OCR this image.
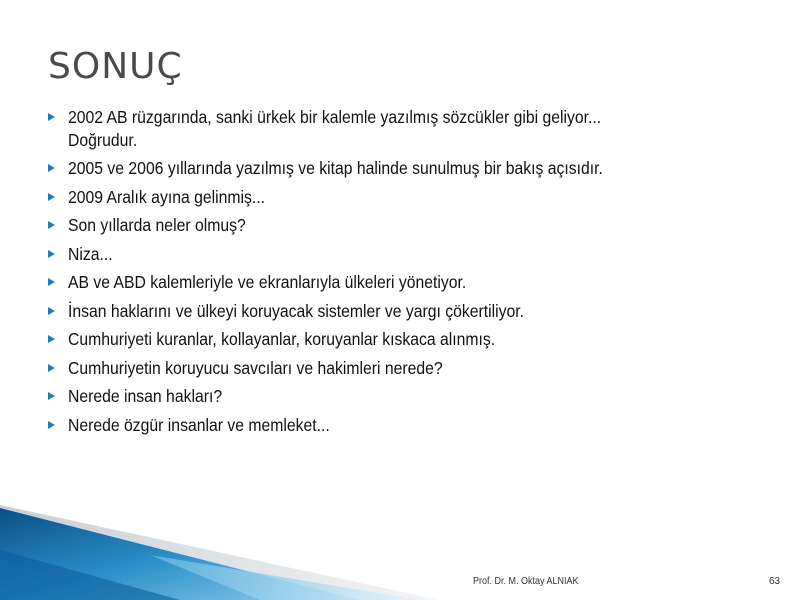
SONUÇ
2002 AB rüzgarında, sanki ürkek bir kalemle yazılmış sözcükler gibi geliyor...
Doğrudur.
2005 ve 2006 yıllarında yazılmış ve kitap halinde sunulmuş bir bakış açısıdır.
2009 Aralık ayına gelinmiş...
Son yıllarda neler olmuş?
Niza...
AB ve ABD kalemleriyle ve ekranlarıyla ülkeleri yönetiyor.
İnsan haklarını ve ülkeyi koruyacak sistemler ve yargı çökertiliyor.
Cumhuriyeti kuranlar, kollayanlar, koruyanlar kıskaca alınmış.
Cumhuriyetin koruyucu savcıları ve hakimleri nerede?
Nerede insan hakları?
Nerede özgür insanlar ve memleket...
Prof. Dr. M. Oktay ALNIAK	63
